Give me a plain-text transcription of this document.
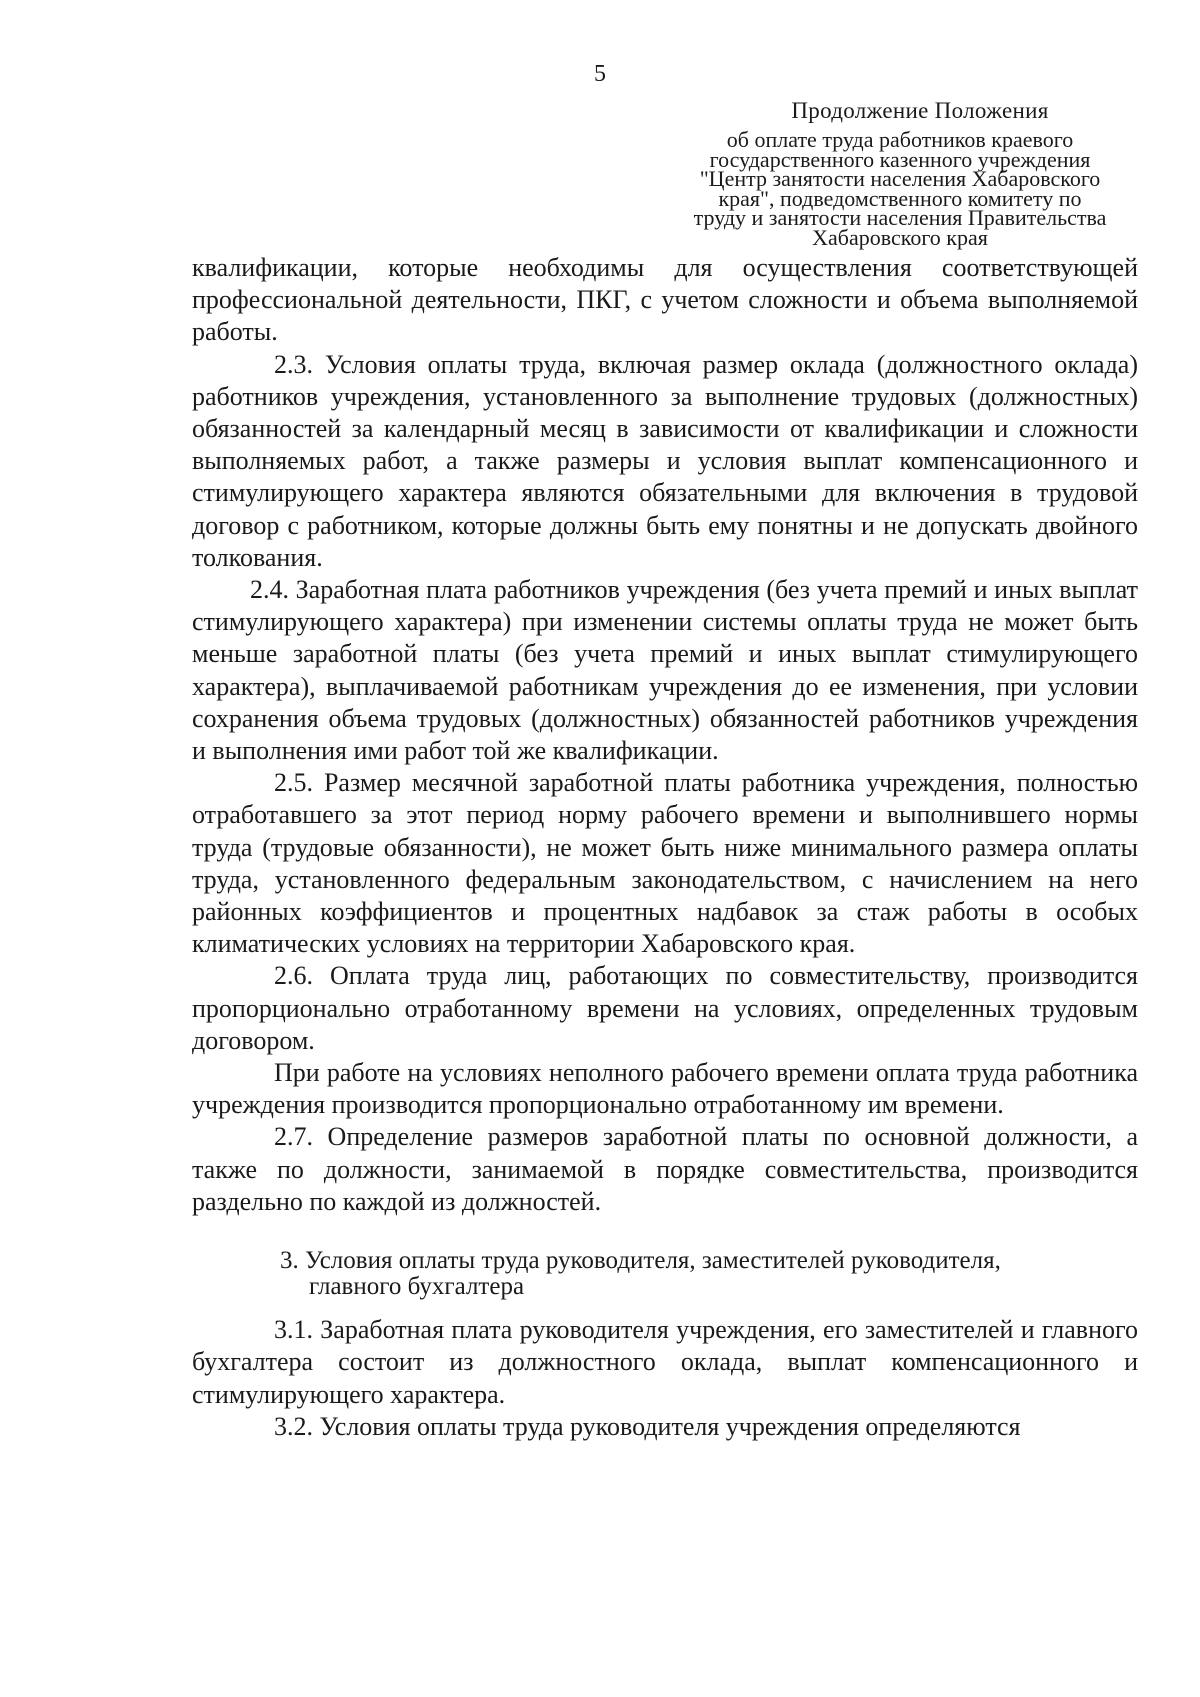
5
Продолжение Положения
об оплате труда работников краевого
государственного казенного учреждения
"Центр занятости населения Хабаровского
края", подведомственного комитету по
труду и занятости населения Правительства
Хабаровского края

квалификации, которые необходимы для осуществления соответствующей профессиональной деятельности, ПКГ, с учетом сложности и объема выполняемой работы.

2.3. Условия оплаты труда, включая размер оклада (должностного оклада) работников учреждения, установленного за выполнение трудовых (должностных) обязанностей за календарный месяц в зависимости от квалификации и сложности выполняемых работ, а также размеры и условия выплат компенсационного и стимулирующего характера являются обязательными для включения в трудовой договор с работником, которые должны быть ему понятны и не допускать двойного толкования.

2.4. Заработная плата работников учреждения (без учета премий и иных выплат стимулирующего характера) при изменении системы оплаты труда не может быть меньше заработной платы (без учета премий и иных выплат стимулирующего характера), выплачиваемой работникам учреждения до ее изменения, при условии сохранения объема трудовых (должностных) обязанностей работников учреждения и выполнения ими работ той же квалификации.

2.5. Размер месячной заработной платы работника учреждения, полностью отработавшего за этот период норму рабочего времени и выполнившего нормы труда (трудовые обязанности), не может быть ниже минимального размера оплаты труда, установленного федеральным законодательством, с начислением на него районных коэффициентов и процентных надбавок за стаж работы в особых климатических условиях на территории Хабаровского края.

2.6. Оплата труда лиц, работающих по совместительству, производится пропорционально отработанному времени на условиях, определенных трудовым договором.

При работе на условиях неполного рабочего времени оплата труда работника учреждения производится пропорционально отработанному им времени.

2.7. Определение размеров заработной платы по основной должности, а также по должности, занимаемой в порядке совместительства, производится раздельно по каждой из должностей.

3. Условия оплаты труда руководителя, заместителей руководителя,
главного бухгалтера

3.1. Заработная плата руководителя учреждения, его заместителей и главного бухгалтера состоит из должностного оклада, выплат компенсационного и стимулирующего характера.

3.2. Условия оплаты труда руководителя учреждения определяются
